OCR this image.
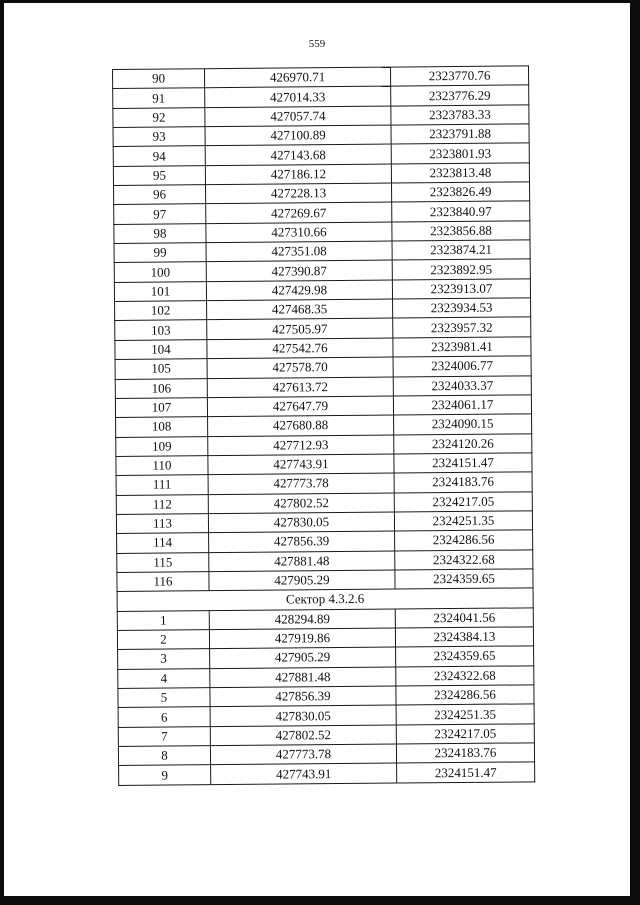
559
90	426970.71	2323770.76
91	427014.33	2323776.29
92	427057.74	2323783.33
93	427100.89	2323791.88
94	427143.68	2323801.93
95	427186.12	2323813.48
96	427228.13	2323826.49
97	427269.67	2323840.97
98	427310.66	2323856.88
99	427351.08	2323874.21
100	427390.87	2323892.95
101	427429.98	2323913.07
102	427468.35	2323934.53
103	427505.97	2323957.32
104	427542.76	2323981.41
105	427578.70	2324006.77
106	427613.72	2324033.37
107	427647.79	2324061.17
108	427680.88	2324090.15
109	427712.93	2324120.26
110	427743.91	2324151.47
111	427773.78	2324183.76
112	427802.52	2324217.05
113	427830.05	2324251.35
114	427856.39	2324286.56
115	427881.48	2324322.68
116	427905.29	2324359.65
Сектор 4.3.2.6		
1	428294.89	2324041.56
2	427919.86	2324384.13
3	427905.29	2324359.65
4	427881.48	2324322.68
5	427856.39	2324286.56
6	427830.05	2324251.35
7	427802.52	2324217.05
8	427773.78	2324183.76
9	427743.91	2324151.47
